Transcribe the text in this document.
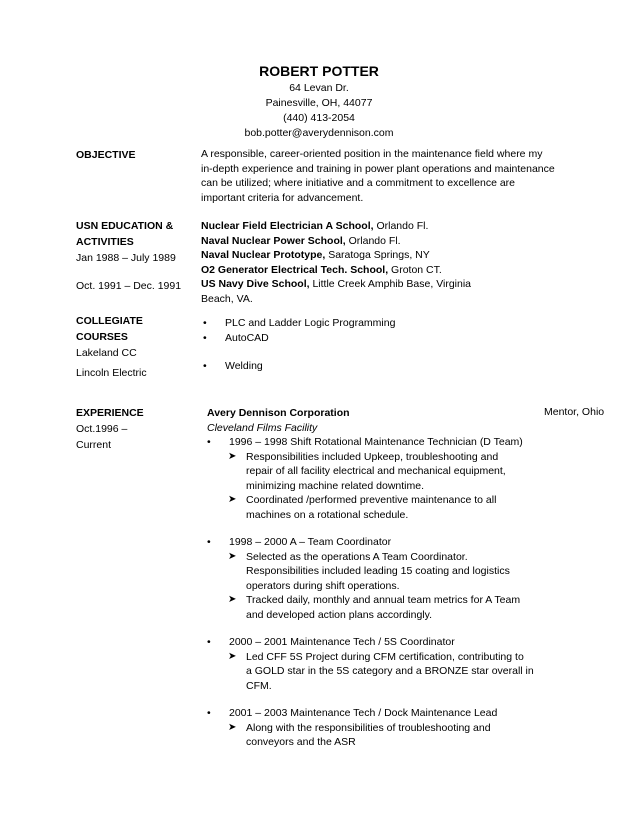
ROBERT POTTER
64 Levan Dr.
Painesville, OH, 44077
(440) 413-2054
bob.potter@averydennison.com
OBJECTIVE	A responsible, career-oriented position in the maintenance field where my
in-depth experience and training in power plant operations and maintenance
can be utilized; where initiative and a commitment to excellence are
important criteria for advancement.
USN EDUCATION &
ACTIVITIES
Jan 1988 – July 1989
Oct. 1991 – Dec. 1991
Nuclear Field Electrician A School, Orlando Fl.
Naval Nuclear Power School, Orlando Fl.
Naval Nuclear Prototype, Saratoga Springs, NY
O2 Generator Electrical Tech. School, Groton CT.
US Navy Dive School, Little Creek Amphib Base, Virginia
Beach, VA.
COLLEGIATE
COURSES
Lakeland CC
Lincoln Electric
• PLC and Ladder Logic Programming
• AutoCAD
• Welding
EXPERIENCE
Oct.1996 –
Current
Avery Dennison Corporation
Cleveland Films Facility
• 1996 – 1998 Shift Rotational Maintenance Technician (D Team)
➤ Responsibilities included Upkeep, troubleshooting and
repair of all facility electrical and mechanical equipment,
minimizing machine related downtime.
➤ Coordinated /performed preventive maintenance to all
machines on a rotational schedule.
• 1998 – 2000 A – Team Coordinator
➤ Selected as the operations A Team Coordinator.
Responsibilities included leading 15 coating and logistics
operators during shift operations.
➤ Tracked daily, monthly and annual team metrics for A Team
and developed action plans accordingly.
• 2000 – 2001 Maintenance Tech / 5S Coordinator
➤ Led CFF 5S Project during CFM certification, contributing to
a GOLD star in the 5S category and a BRONZE star overall in
CFM.
• 2001 – 2003 Maintenance Tech / Dock Maintenance Lead
➤ Along with the responsibilities of troubleshooting and
conveyors and the ASR
Mentor, Ohio
